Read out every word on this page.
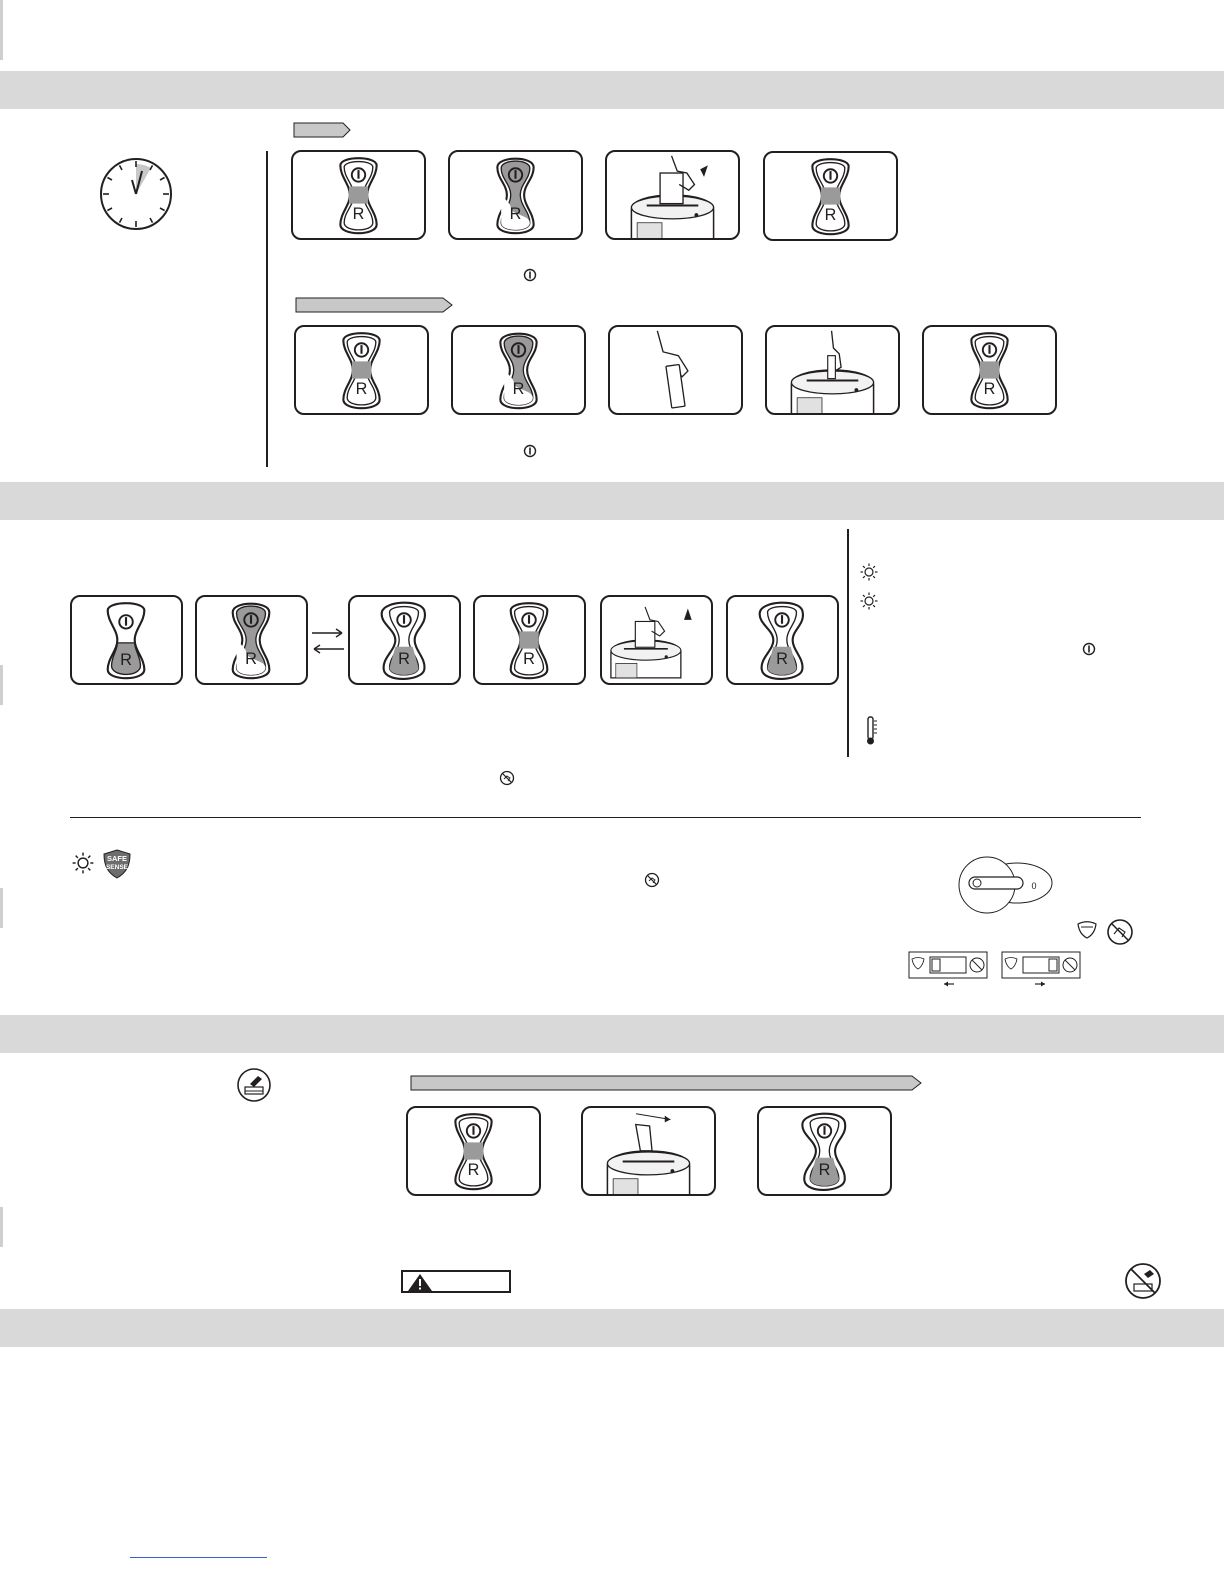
SAFE
SENSE
0
